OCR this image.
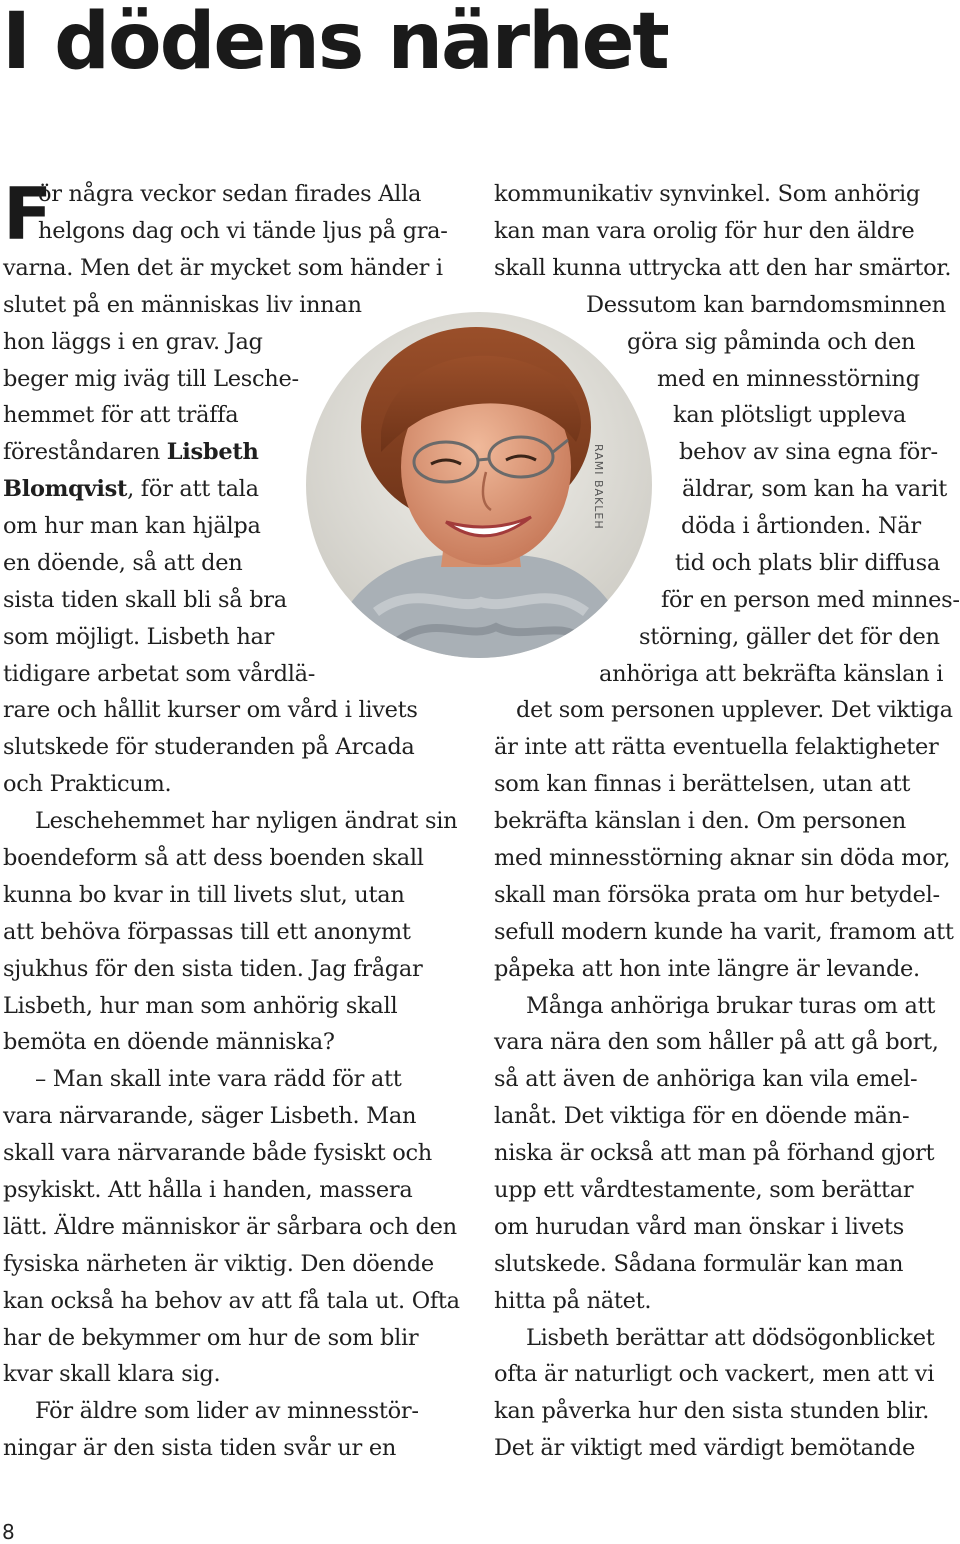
I dödens närhet
F
ör några veckor sedan firades Alla
helgons dag och vi tände ljus på gra-
varna. Men det är mycket som händer i
slutet på en människas liv innan
hon läggs i en grav. Jag
beger mig iväg till Lesche-
hemmet för att träffa
föreståndaren Lisbeth
Blomqvist, för att tala
om hur man kan hjälpa
en döende, så att den
sista tiden skall bli så bra
som möjligt. Lisbeth har
tidigare arbetat som vårdlä-
rare och hållit kurser om vård i livets
slutskede för studeranden på Arcada
och Prakticum.
Leschehemmet har nyligen ändrat sin
boendeform så att dess boenden skall
kunna bo kvar in till livets slut, utan
att behöva förpassas till ett anonymt
sjukhus för den sista tiden. Jag frågar
Lisbeth, hur man som anhörig skall
bemöta en döende människa?
– Man skall inte vara rädd för att
vara närvarande, säger Lisbeth. Man
skall vara närvarande både fysiskt och
psykiskt. Att hålla i handen, massera
lätt. Äldre människor är sårbara och den
fysiska närheten är viktig. Den döende
kan också ha behov av att få tala ut. Ofta
har de bekymmer om hur de som blir
kvar skall klara sig.
För äldre som lider av minnesstör-
ningar är den sista tiden svår ur en
kommunikativ synvinkel. Som anhörig
kan man vara orolig för hur den äldre
skall kunna uttrycka att den har smärtor.
Dessutom kan barndomsminnen
göra sig påminda och den
med en minnesstörning
kan plötsligt uppleva
behov av sina egna för-
äldrar, som kan ha varit
döda i årtionden. När
tid och plats blir diffusa
för en person med minnes-
störning, gäller det för den
anhöriga att bekräfta känslan i
det som personen upplever. Det viktiga
är inte att rätta eventuella felaktigheter
som kan finnas i berättelsen, utan att
bekräfta känslan i den. Om personen
med minnesstörning aknar sin döda mor,
skall man försöka prata om hur betydel-
sefull modern kunde ha varit, framom att
påpeka att hon inte längre är levande.
Många anhöriga brukar turas om att
vara nära den som håller på att gå bort,
så att även de anhöriga kan vila emel-
lanåt. Det viktiga för en döende män-
niska är också att man på förhand gjort
upp ett vårdtestamente, som berättar
om hurudan vård man önskar i livets
slutskede. Sådana formulär kan man
hitta på nätet.
Lisbeth berättar att dödsögonblicket
ofta är naturligt och vackert, men att vi
kan påverka hur den sista stunden blir.
Det är viktigt med värdigt bemötande
RAMI BAKLEH
8
